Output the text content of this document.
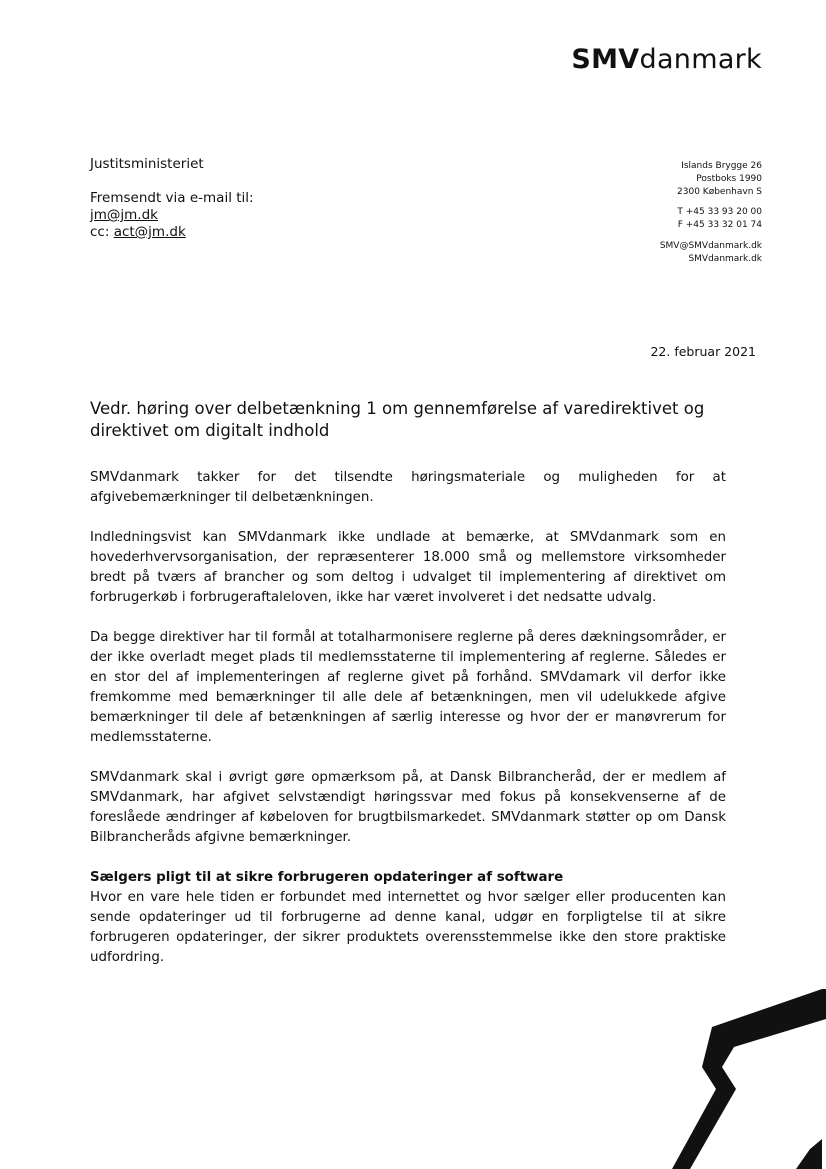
SMVdanmark
Justitsministeriet
Fremsendt via e-mail til:
jm@jm.dk
cc: act@jm.dk
Islands Brygge 26
Postboks 1990
2300 København S
T +45 33 93 20 00
F +45 33 32 01 74
SMV@SMVdanmark.dk
SMVdanmark.dk
22. februar 2021
Vedr. høring over delbetænkning 1 om gennemførelse af varedirektivet og direktivet om digitalt indhold

SMVdanmark takker for det tilsendte høringsmateriale og muligheden for at afgivebemærkninger til delbetænkningen.

Indledningsvist kan SMVdanmark ikke undlade at bemærke, at SMVdanmark som en hovederhvervsorganisation, der repræsenterer 18.000 små og mellemstore virksomheder bredt på tværs af brancher og som deltog i udvalget til implementering af direktivet om forbrugerkøb i forbrugeraftaleloven, ikke har været involveret i det nedsatte udvalg.

Da begge direktiver har til formål at totalharmonisere reglerne på deres dækningsområder, er der ikke overladt meget plads til medlemsstaterne til implementering af reglerne. Således er en stor del af implementeringen af reglerne givet på forhånd. SMVdamark vil derfor ikke fremkomme med bemærkninger til alle dele af betænkningen, men vil udelukkede afgive bemærkninger til dele af betænkningen af særlig interesse og hvor der er manøvrerum for medlemsstaterne.

SMVdanmark skal i øvrigt gøre opmærksom på, at Dansk Bilbrancheråd, der er medlem af SMVdanmark, har afgivet selvstændigt høringssvar med fokus på konsekvenserne af de foreslåede ændringer af købeloven for brugtbilsmarkedet. SMVdanmark støtter op om Dansk Bilbrancheråds afgivne bemærkninger.

Sælgers pligt til at sikre forbrugeren opdateringer af software

Hvor en vare hele tiden er forbundet med internettet og hvor sælger eller producenten kan sende opdateringer ud til forbrugerne ad denne kanal, udgør en forpligtelse til at sikre forbrugeren opdateringer, der sikrer produktets overensstemmelse ikke den store praktiske udfordring.
